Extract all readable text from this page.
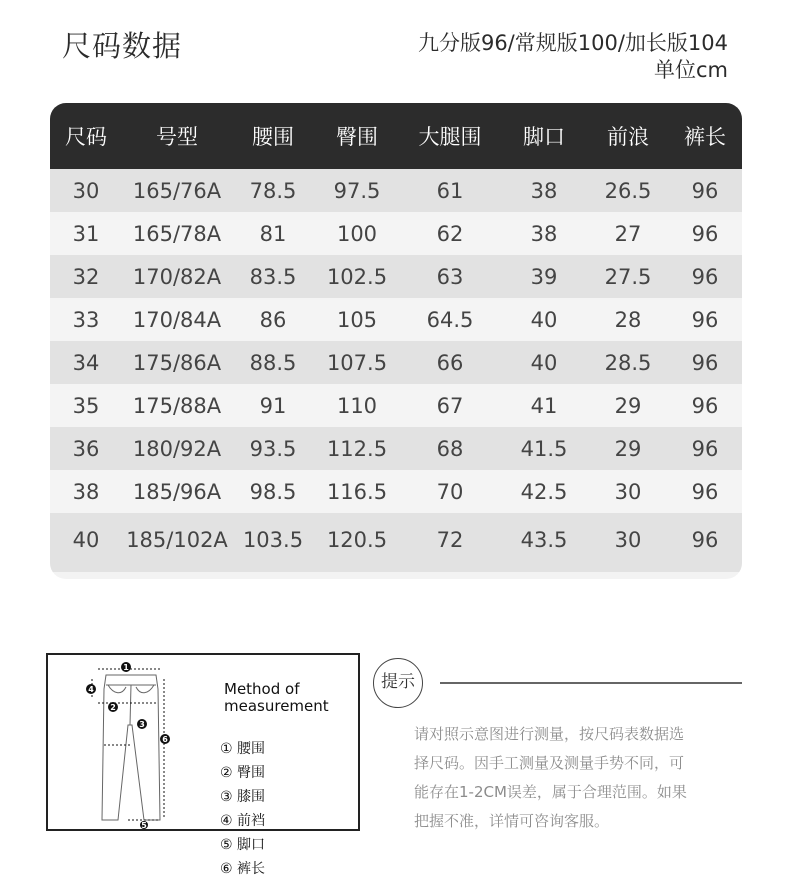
尺码数据	九分版96/常规版100/加长版104
单位cm
尺码	号型	腰围	臀围	大腿围	脚口	前浪	裤长
30	165/76A	78.5	97.5	61	38	26.5	96
31	165/78A	81	100	62	38	27	96
32	170/82A	83.5	102.5	63	39	27.5	96
33	170/84A	86	105	64.5	40	28	96
34	175/86A	88.5	107.5	66	40	28.5	96
35	175/88A	91	110	67	41	29	96
36	180/92A	93.5	112.5	68	41.5	29	96
38	185/96A	98.5	116.5	70	42.5	30	96
40	185/102A	103.5	120.5	72	43.5	30	96
1
2
3
4
5
6
Method of
measurement
① 腰围② 臀围
③ 膝围④ 前裆
⑤ 脚口⑥ 裤长
提示
请对照示意图进行测量，按尺码表数据选
择尺码。因手工测量及测量手势不同，可
能存在1-2CM误差，属于合理范围。如果
把握不准，详情可咨询客服。
